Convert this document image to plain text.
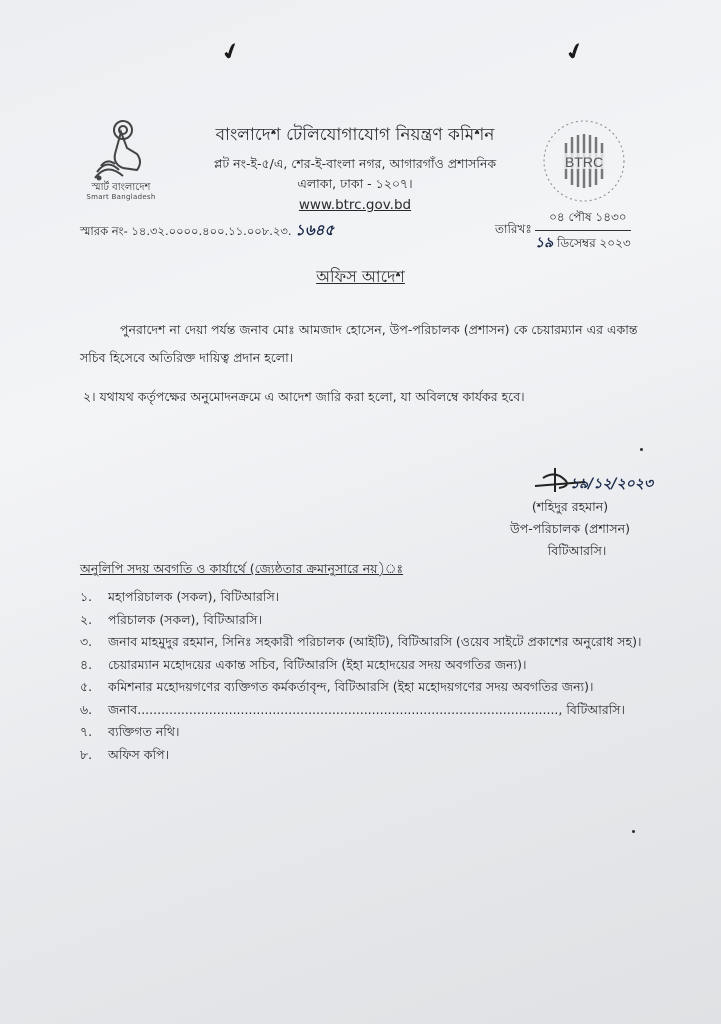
✔	✔
স্মার্ট বাংলাদেশ
Smart Bangladesh
বাংলাদেশ টেলিযোগাযোগ নিয়ন্ত্রণ কমিশন
প্লট নং-ই-৫/এ, শের-ই-বাংলা নগর, আগারগাঁও প্রশাসনিক
এলাকা, ঢাকা - ১২০৭।
www.btrc.gov.bd
BTRC
স্মারক নং- ১৪.৩২.০০০০.৪০০.১১.০০৮.২৩. ১৬৪৫	তারিখঃ
০৪ পৌষ ১৪৩০
১৯ ডিসেম্বর ২০২৩
অফিস আদেশ
পুনরাদেশ না দেয়া পর্যন্ত জনাব মোঃ আমজাদ হোসেন, উপ-পরিচালক (প্রশাসন) কে চেয়ারম্যান এর একান্ত সচিব হিসেবে অতিরিক্ত দায়িত্ব প্রদান হলো।
২। যথাযথ কর্তৃপক্ষের অনুমোদনক্রমে এ আদেশ জারি করা হলো, যা অবিলম্বে কার্যকর হবে।
১৯/১২/২০২৩
(শহিদুর রহমান)
উপ-পরিচালক (প্রশাসন)
বিটিআরসি।
অনুলিপি সদয় অবগতি ও কার্যার্থে (জ্যেষ্ঠতার ক্রমানুসারে নয়)ঃ
১. মহাপরিচালক (সকল), বিটিআরসি।
২. পরিচালক (সকল), বিটিআরসি।
৩. জনাব মাহমুদুর রহমান, সিনিঃ সহকারী পরিচালক (আইটি), বিটিআরসি (ওয়েব সাইটে প্রকাশের অনুরোধ সহ)।
৪. চেয়ারম্যান মহোদয়ের একান্ত সচিব, বিটিআরসি (ইহা মহোদয়ের সদয় অবগতির জন্য)।
৫. কমিশনার মহোদয়গণের ব্যক্তিগত কর্মকর্তাবৃন্দ, বিটিআরসি (ইহা মহোদয়গণের সদয় অবগতির জন্য)।
৬. জনাব.........................................................................................................., বিটিআরসি।
৭. ব্যক্তিগত নথি।
৮. অফিস কপি।
